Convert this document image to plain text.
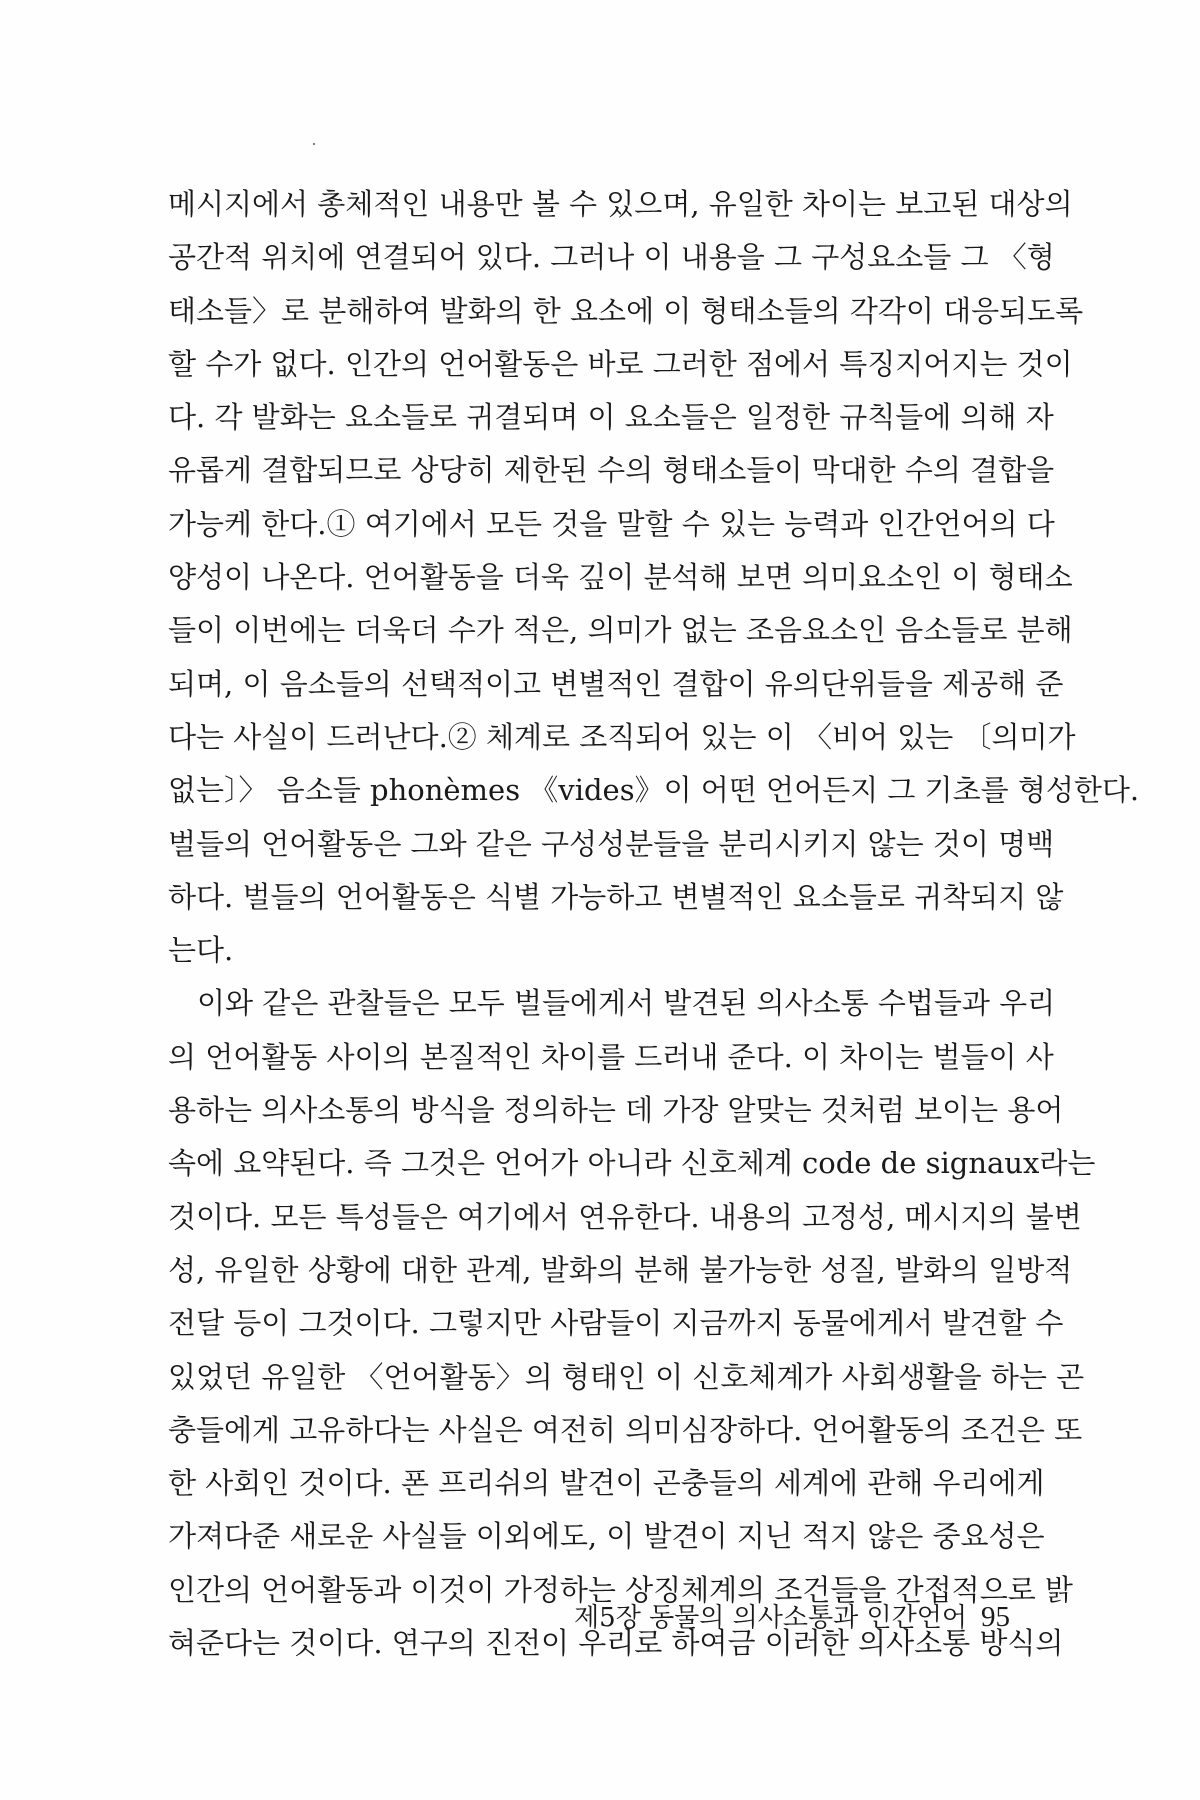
메시지에서 총체적인 내용만 볼 수 있으며, 유일한 차이는 보고된 대상의
공간적 위치에 연결되어 있다. 그러나 이 내용을 그 구성요소들 그 〈형
태소들〉로 분해하여 발화의 한 요소에 이 형태소들의 각각이 대응되도록
할 수가 없다. 인간의 언어활동은 바로 그러한 점에서 특징지어지는 것이
다. 각 발화는 요소들로 귀결되며 이 요소들은 일정한 규칙들에 의해 자
유롭게 결합되므로 상당히 제한된 수의 형태소들이 막대한 수의 결합을
가능케 한다.① 여기에서 모든 것을 말할 수 있는 능력과 인간언어의 다
양성이 나온다. 언어활동을 더욱 깊이 분석해 보면 의미요소인 이 형태소
들이 이번에는 더욱더 수가 적은, 의미가 없는 조음요소인 음소들로 분해
되며, 이 음소들의 선택적이고 변별적인 결합이 유의단위들을 제공해 준
다는 사실이 드러난다.② 체계로 조직되어 있는 이 〈비어 있는 〔의미가
없는〕〉 음소들 phonèmes 《vides》이 어떤 언어든지 그 기초를 형성한다.
벌들의 언어활동은 그와 같은 구성성분들을 분리시키지 않는 것이 명백
하다. 벌들의 언어활동은 식별 가능하고 변별적인 요소들로 귀착되지 않
는다.
이와 같은 관찰들은 모두 벌들에게서 발견된 의사소통 수법들과 우리
의 언어활동 사이의 본질적인 차이를 드러내 준다. 이 차이는 벌들이 사
용하는 의사소통의 방식을 정의하는 데 가장 알맞는 것처럼 보이는 용어
속에 요약된다. 즉 그것은 언어가 아니라 신호체계 code de signaux라는
것이다. 모든 특성들은 여기에서 연유한다. 내용의 고정성, 메시지의 불변
성, 유일한 상황에 대한 관계, 발화의 분해 불가능한 성질, 발화의 일방적
전달 등이 그것이다. 그렇지만 사람들이 지금까지 동물에게서 발견할 수
있었던 유일한 〈언어활동〉의 형태인 이 신호체계가 사회생활을 하는 곤
충들에게 고유하다는 사실은 여전히 의미심장하다. 언어활동의 조건은 또
한 사회인 것이다. 폰 프리쉬의 발견이 곤충들의 세계에 관해 우리에게
가져다준 새로운 사실들 이외에도, 이 발견이 지닌 적지 않은 중요성은
인간의 언어활동과 이것이 가정하는 상징체계의 조건들을 간접적으로 밝
혀준다는 것이다. 연구의 진전이 우리로 하여금 이러한 의사소통 방식의
제5장 동물의 의사소통과 인간언어 95
